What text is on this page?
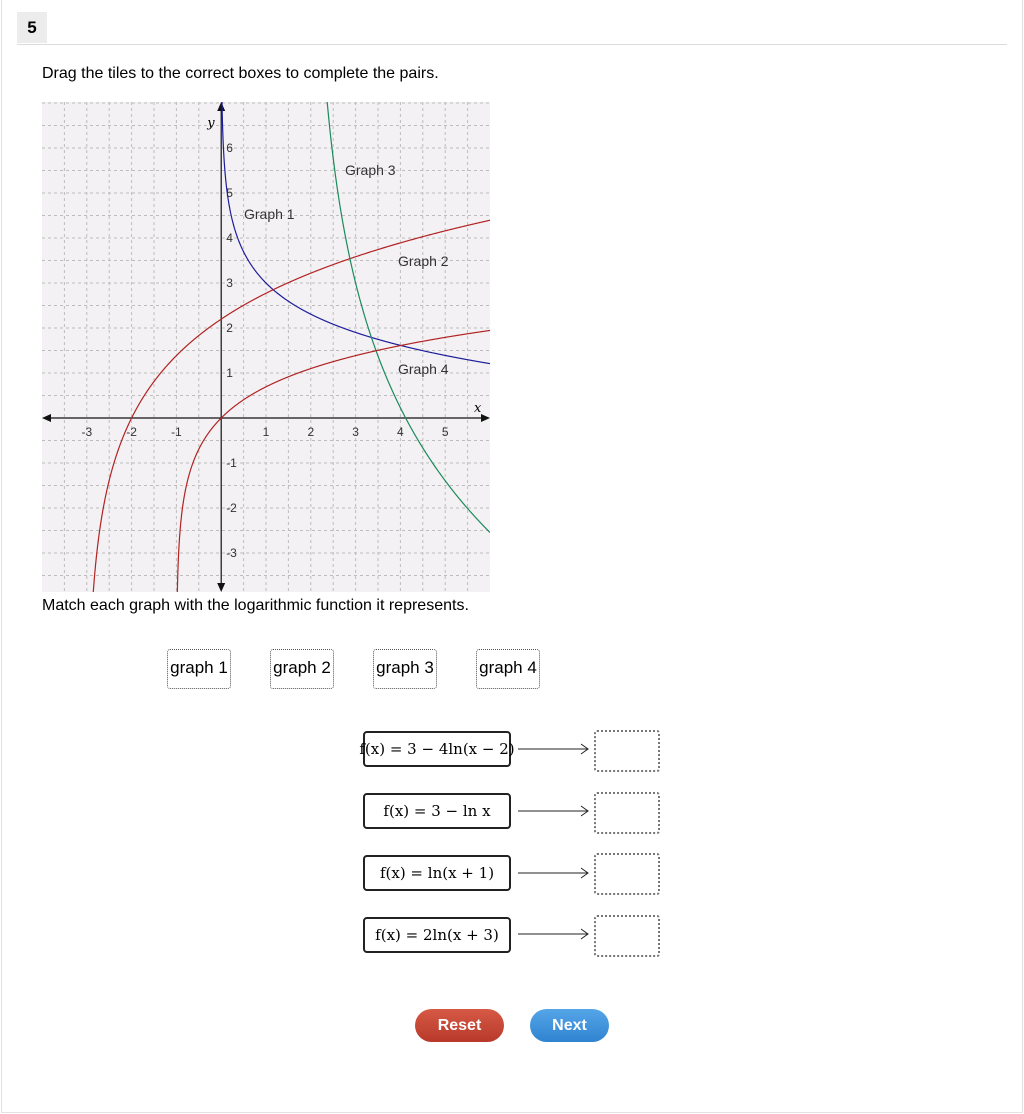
5
Drag the tiles to the correct boxes to complete the pairs.
x
y
-3	-2	-1	1	2	3	4	5
-3
-2
-1
1
2
3
4
5
6
Graph 1
Graph 2
Graph 3
Graph 4
Match each graph with the logarithmic function it represents.
graph 1	graph 2	graph 3	graph 4
f(x) = 3 − 4ln(x − 2)
f(x) = 3 − ln x
f(x) = ln(x + 1)
f(x) = 2ln(x + 3)
Reset	Next
